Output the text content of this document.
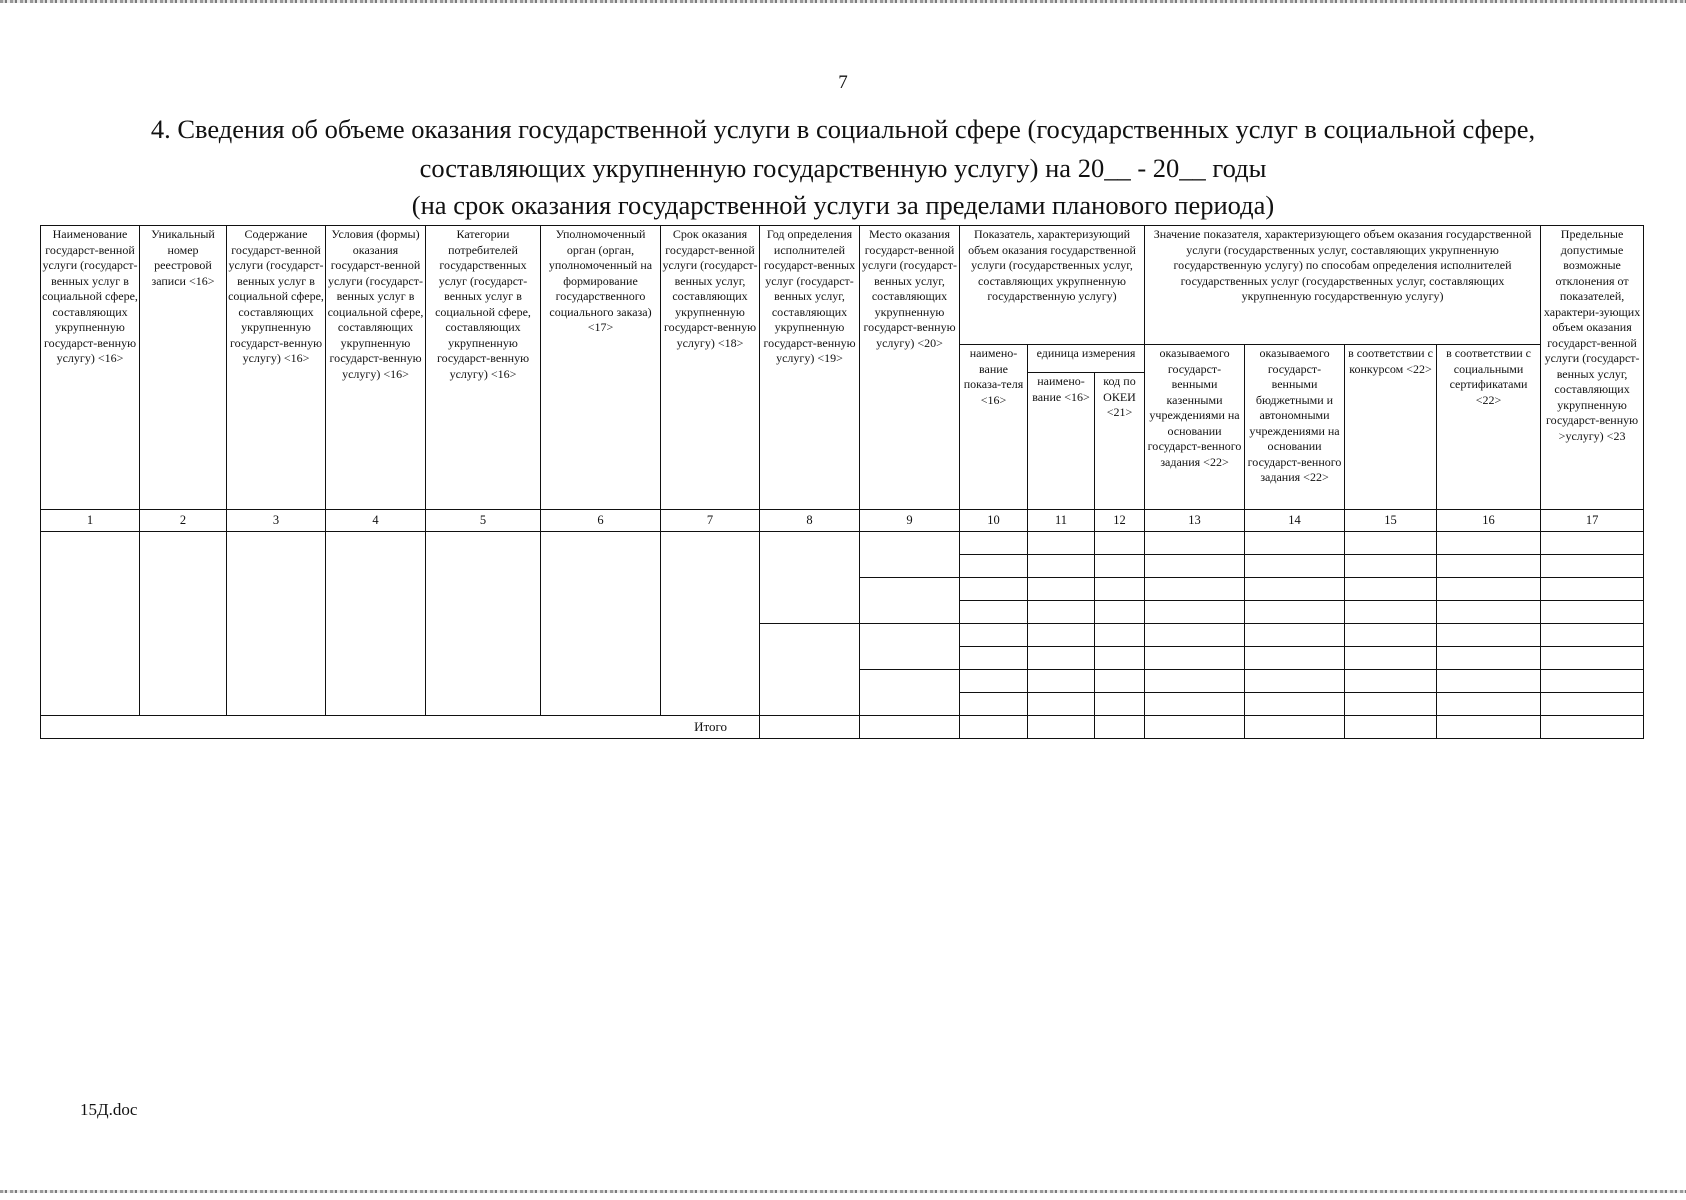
7
4. Сведения об объеме оказания государственной услуги в социальной сфере (государственных услуг в социальной сфере,
составляющих укрупненную государственную услугу) на 20__ - 20__ годы
(на срок оказания государственной услуги за пределами планового периода)
Наименование государст-венной услуги (государст-венных услуг в социальной сфере, составляющих укрупненную государст-венную услугу) <16>	Уникальный номер реестровой записи <16>	Содержание государст-венной услуги (государст-венных услуг в социальной сфере, составляющих укрупненную государст-венную услугу) <16>	Условия (формы) оказания государст-венной услуги (государст-венных услуг в социальной сфере, составляющих укрупненную государст-венную услугу) <16>	Категории потребителей государственных услуг (государст-венных услуг в социальной сфере, составляющих укрупненную государст-венную услугу) <16>	Уполномоченный орган (орган, уполномоченный на формирование государственного социального заказа) <17>	Срок оказания государст-венной услуги (государст-венных услуг, составляющих укрупненную государст-венную услугу) <18>	Год определения исполнителей государст-венных услуг (государст-венных услуг, составляющих укрупненную государст-венную услугу) <19>	Место оказания государст-венной услуги (государст-венных услуг, составляющих укрупненную государст-венную услугу) <20>	Показатель, характеризующий объем оказания государственной услуги (государственных услуг, составляющих укрупненную государственную услугу)			Значение показателя, характеризующего объем оказания государственной услуги (государственных услуг, составляющих укрупненную государственную услугу) по способам определения исполнителей государственных услуг (государственных услуг, составляющих укрупненную государственную услугу)				Предельные допустимые возможные отклонения от показателей, характери-зующих объем оказания государст-венной услуги (государст-венных услуг, составляющих укрупненную государст-венную >услугу) <23
									наимено-вание показа-теля <16>	единица измерения		оказываемого государст-венными казенными учреждениями на основании государст-венного задания <22>	оказываемого государст-венными бюджетными и автономными учреждениями на основании государст-венного задания <22>	в соответствии с конкурсом <22>	в соответствии с социальными сертификатами <22>	
										наимено-вание <16>	код по ОКЕИ <21>					
1	2	3	4	5	6	7	8	9	10	11	12	13	14	15	16	17

Итого																
15Д.doc
